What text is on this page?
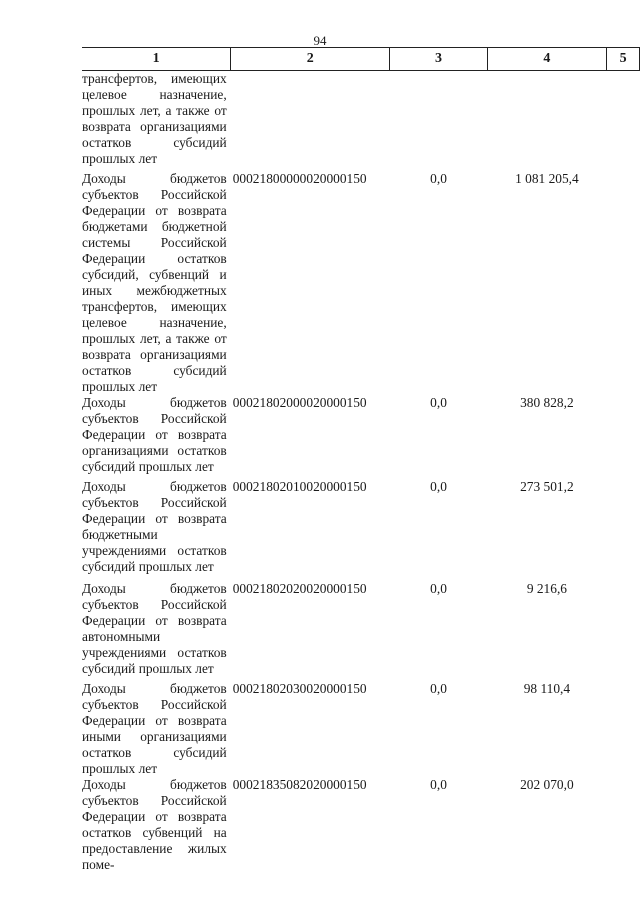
94
1	2	3	4	5
трансфертов, имеющих целевое назначение, прошлых лет, а также от возврата организациями остатков субсидий прошлых лет				
Доходы бюджетов субъектов Российской Федерации от возврата бюджетами бюджетной системы Российской Федерации остатков субсидий, субвенций и иных межбюджетных трансфертов, имеющих целевое назначение, прошлых лет, а также от возврата организациями остатков субсидий прошлых лет	00021800000020000150	0,0	1 081 205,4	
Доходы бюджетов субъектов Российской Федерации от возврата организациями остатков субсидий прошлых лет	00021802000020000150	0,0	380 828,2	
Доходы бюджетов субъектов Российской Федерации от возврата бюджетными учреждениями остатков субсидий прошлых лет	00021802010020000150	0,0	273 501,2	
Доходы бюджетов субъектов Российской Федерации от возврата автономными учреждениями остатков субсидий прошлых лет	00021802020020000150	0,0	9 216,6	
Доходы бюджетов субъектов Российской Федерации от возврата иными организациями остатков субсидий прошлых лет	00021802030020000150	0,0	98 110,4	
Доходы бюджетов субъектов Российской Федерации от возврата остатков субвенций на предоставление жилых поме-	00021835082020000150	0,0	202 070,0	
